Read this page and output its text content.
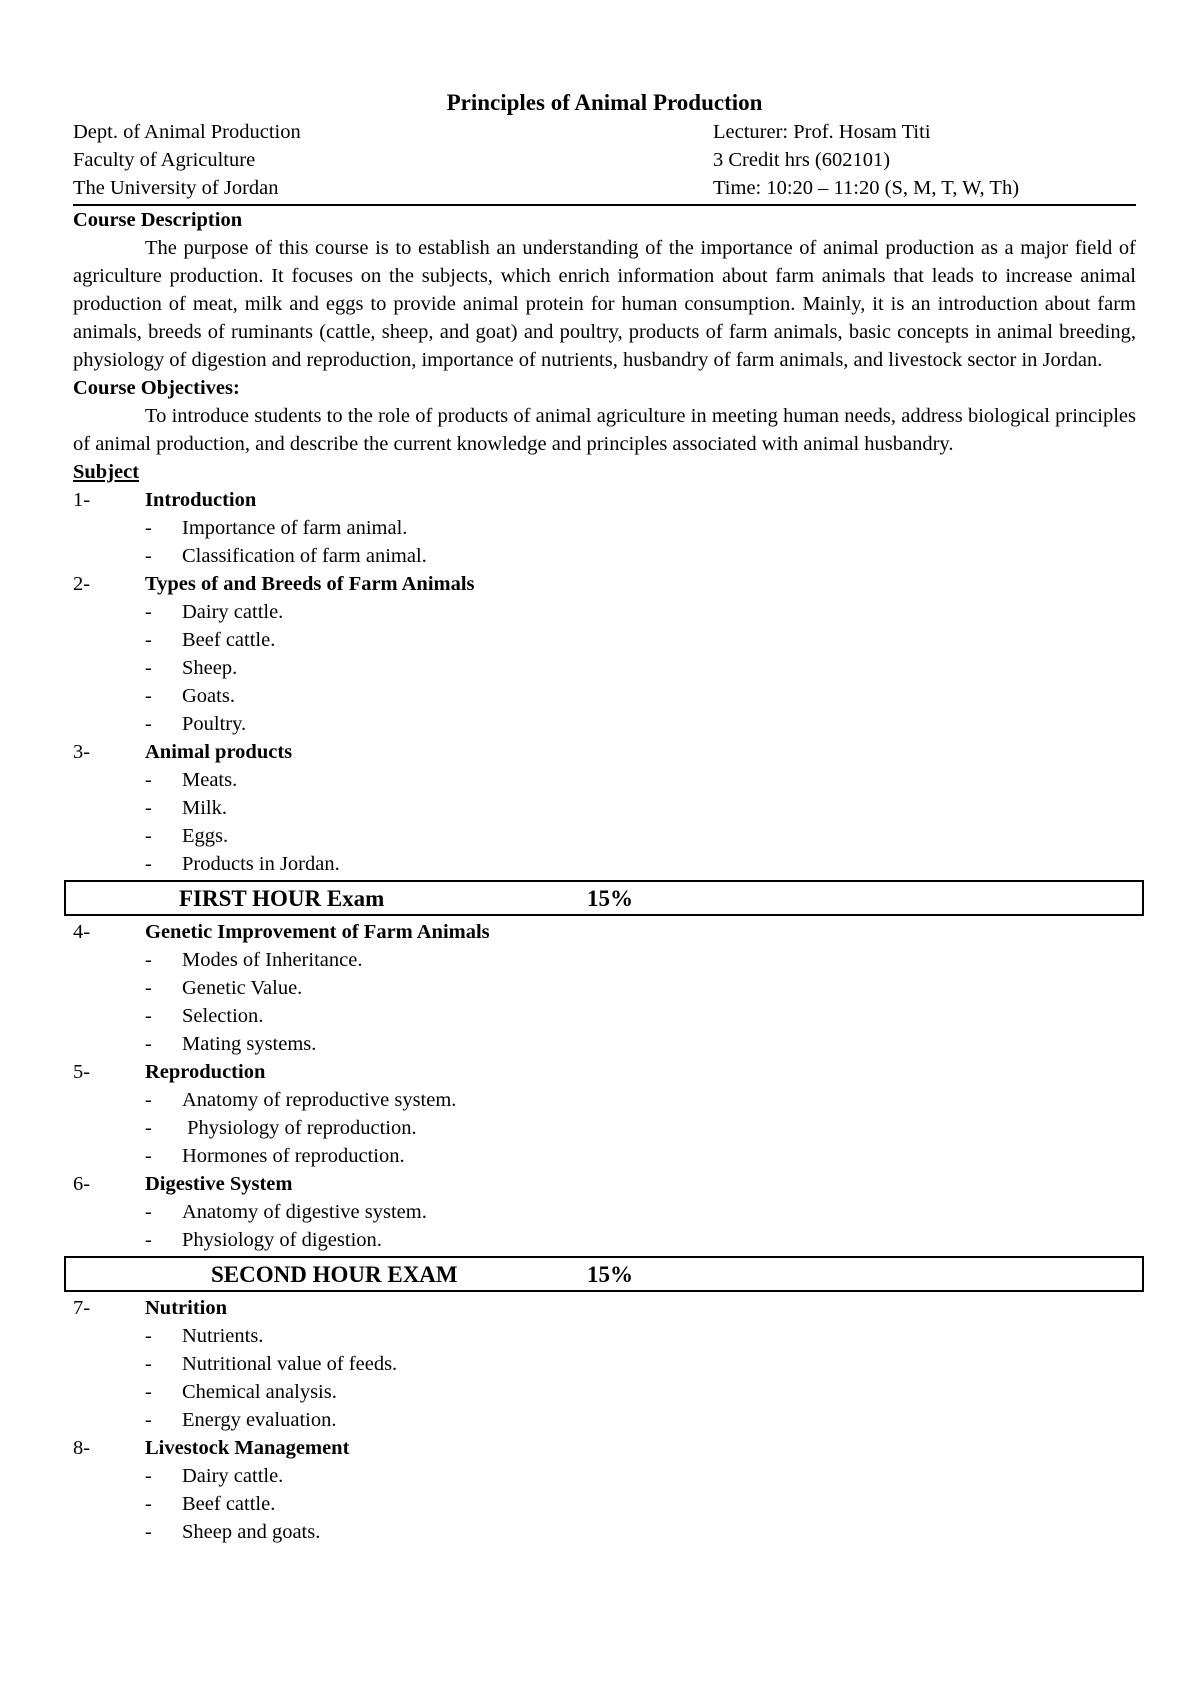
Principles of Animal Production
Dept. of Animal Production	Lecturer: Prof. Hosam Titi
Faculty of Agriculture	3 Credit hrs (602101)
The University of Jordan	Time: 10:20 – 11:20 (S, M, T, W, Th)
Course Description
The purpose of this course is to establish an understanding of the importance of animal production as a major field of agriculture production. It focuses on the subjects, which enrich information about farm animals that leads to increase animal production of meat, milk and eggs to provide animal protein for human consumption. Mainly, it is an introduction about farm animals, breeds of ruminants (cattle, sheep, and goat) and poultry, products of farm animals, basic concepts in animal breeding, physiology of digestion and reproduction, importance of nutrients, husbandry of farm animals, and livestock sector in Jordan.
Course Objectives:
To introduce students to the role of products of animal agriculture in meeting human needs, address biological principles of animal production, and describe the current knowledge and principles associated with animal husbandry.
Subject
1-	Introduction
-	Importance of farm animal.
-	Classification of farm animal.
2-	Types of and Breeds of Farm Animals
-	Dairy cattle.
-	Beef cattle.
-	Sheep.
-	Goats.
-	Poultry.
3-	Animal products
-	Meats.
-	Milk.
-	Eggs.
-	Products in Jordan.
FIRST HOUR Exam	15%
4-	Genetic Improvement of Farm Animals
-	Modes of Inheritance.
-	Genetic Value.
-	Selection.
-	Mating systems.
5-	Reproduction
-	Anatomy of reproductive system.
-	Physiology of reproduction.
-	Hormones of reproduction.
6-	Digestive System
-	Anatomy of digestive system.
-	Physiology of digestion.
SECOND HOUR EXAM	15%
7-	Nutrition
-	Nutrients.
-	Nutritional value of feeds.
-	Chemical analysis.
-	Energy evaluation.
8-	Livestock Management
-	Dairy cattle.
-	Beef cattle.
-	Sheep and goats.
